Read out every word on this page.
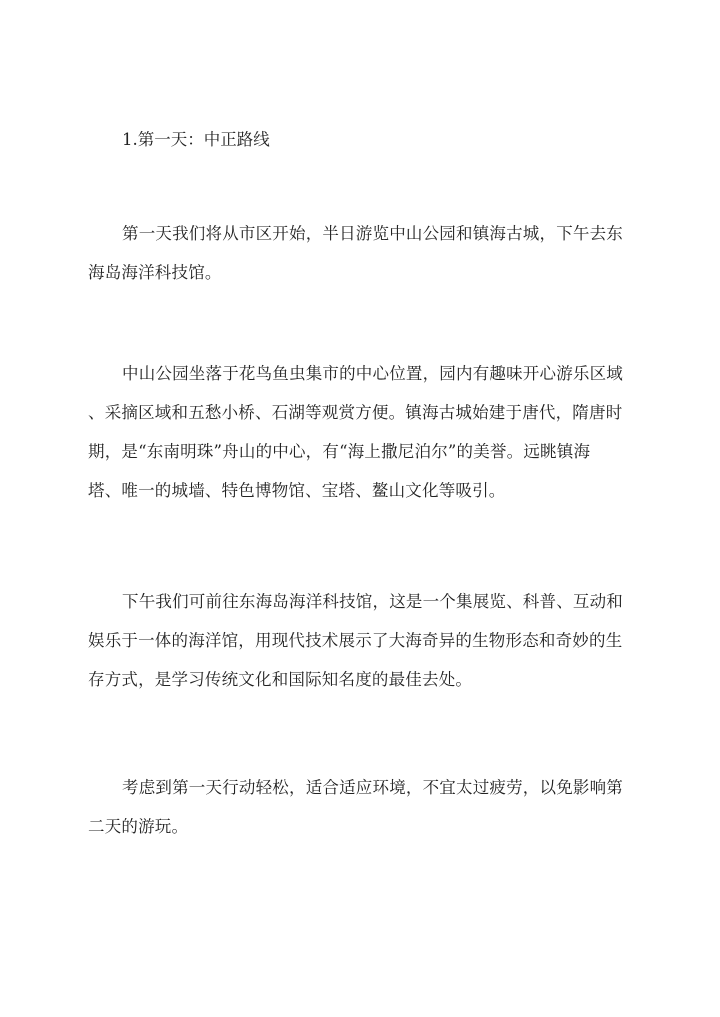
1.第一天：中正路线

第一天我们将从市区开始，半日游览中山公园和镇海古城，下午去东
海岛海洋科技馆。
中山公园坐落于花鸟鱼虫集市的中心位置，园内有趣味开心游乐区域
、采摘区域和五愁小桥、石湖等观赏方便。镇海古城始建于唐代，隋唐时
期，是“东南明珠”舟山的中心，有“海上撒尼泊尔”的美誉。远眺镇海
塔、唯一的城墙、特色博物馆、宝塔、鳌山文化等吸引。
下午我们可前往东海岛海洋科技馆，这是一个集展览、科普、互动和
娱乐于一体的海洋馆，用现代技术展示了大海奇异的生物形态和奇妙的生
存方式，是学习传统文化和国际知名度的最佳去处。
考虑到第一天行动轻松，适合适应环境，不宜太过疲劳，以免影响第
二天的游玩。
